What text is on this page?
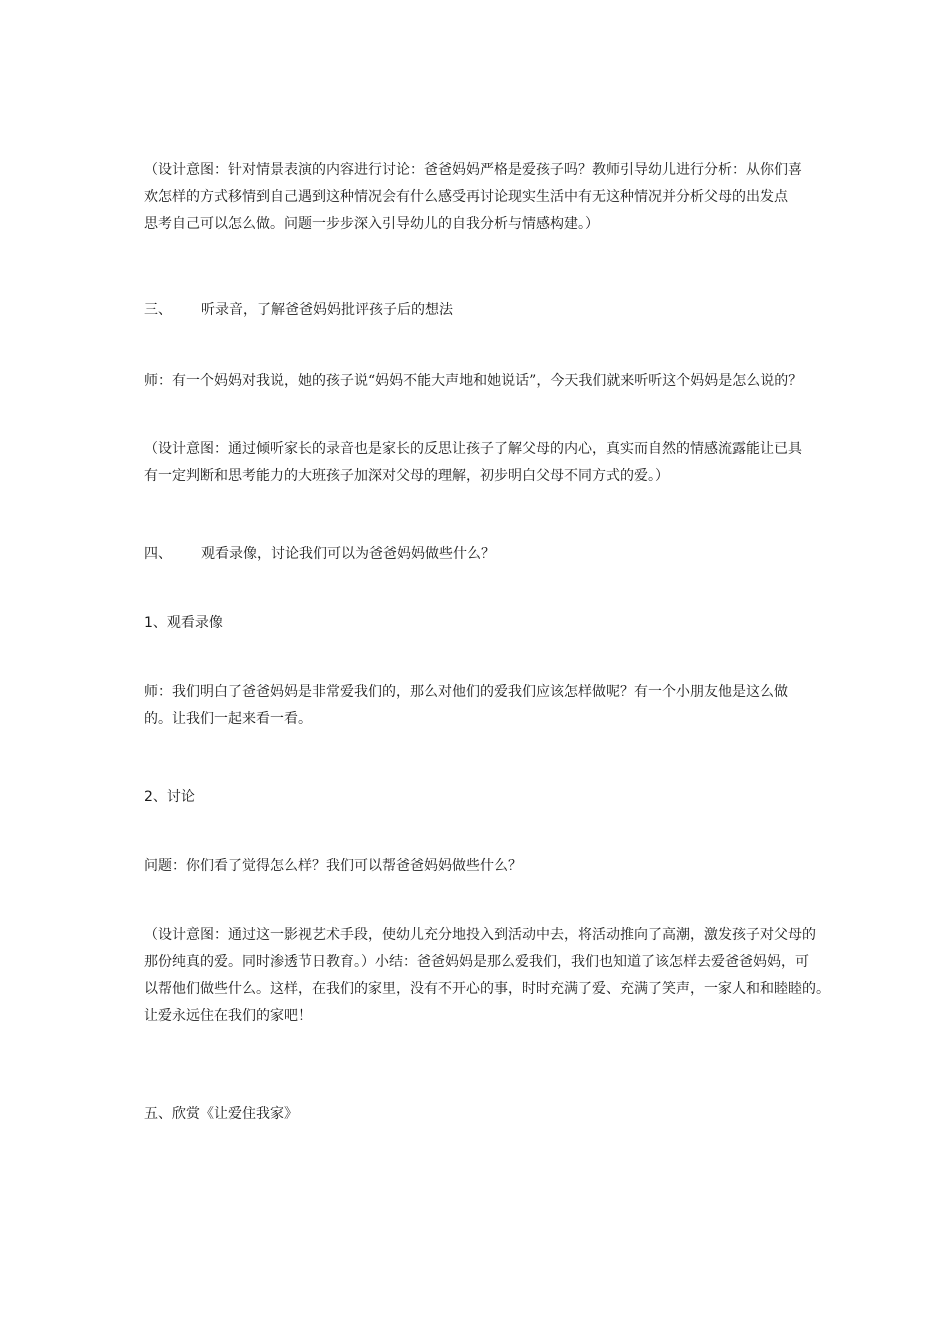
（设计意图：针对情景表演的内容进行讨论：爸爸妈妈严格是爱孩子吗？教师引导幼儿进行分析：从你们喜
欢怎样的方式移情到自己遇到这种情况会有什么感受再讨论现实生活中有无这种情况并分析父母的出发点
思考自己可以怎么做。问题一步步深入引导幼儿的自我分析与情感构建。）

三、 听录音，了解爸爸妈妈批评孩子后的想法

师：有一个妈妈对我说，她的孩子说“妈妈不能大声地和她说话”，今天我们就来听听这个妈妈是怎么说的？

（设计意图：通过倾听家长的录音也是家长的反思让孩子了解父母的内心，真实而自然的情感流露能让已具
有一定判断和思考能力的大班孩子加深对父母的理解，初步明白父母不同方式的爱。）

四、 观看录像，讨论我们可以为爸爸妈妈做些什么？

1、观看录像

师：我们明白了爸爸妈妈是非常爱我们的，那么对他们的爱我们应该怎样做呢？有一个小朋友他是这么做
的。让我们一起来看一看。

2、讨论

问题：你们看了觉得怎么样？我们可以帮爸爸妈妈做些什么？

（设计意图：通过这一影视艺术手段，使幼儿充分地投入到活动中去，将活动推向了高潮，激发孩子对父母的
那份纯真的爱。同时渗透节日教育。）小结：爸爸妈妈是那么爱我们，我们也知道了该怎样去爱爸爸妈妈，可
以帮他们做些什么。这样，在我们的家里，没有不开心的事，时时充满了爱、充满了笑声，一家人和和睦睦的。
让爱永远住在我们的家吧！

五、欣赏《让爱住我家》
